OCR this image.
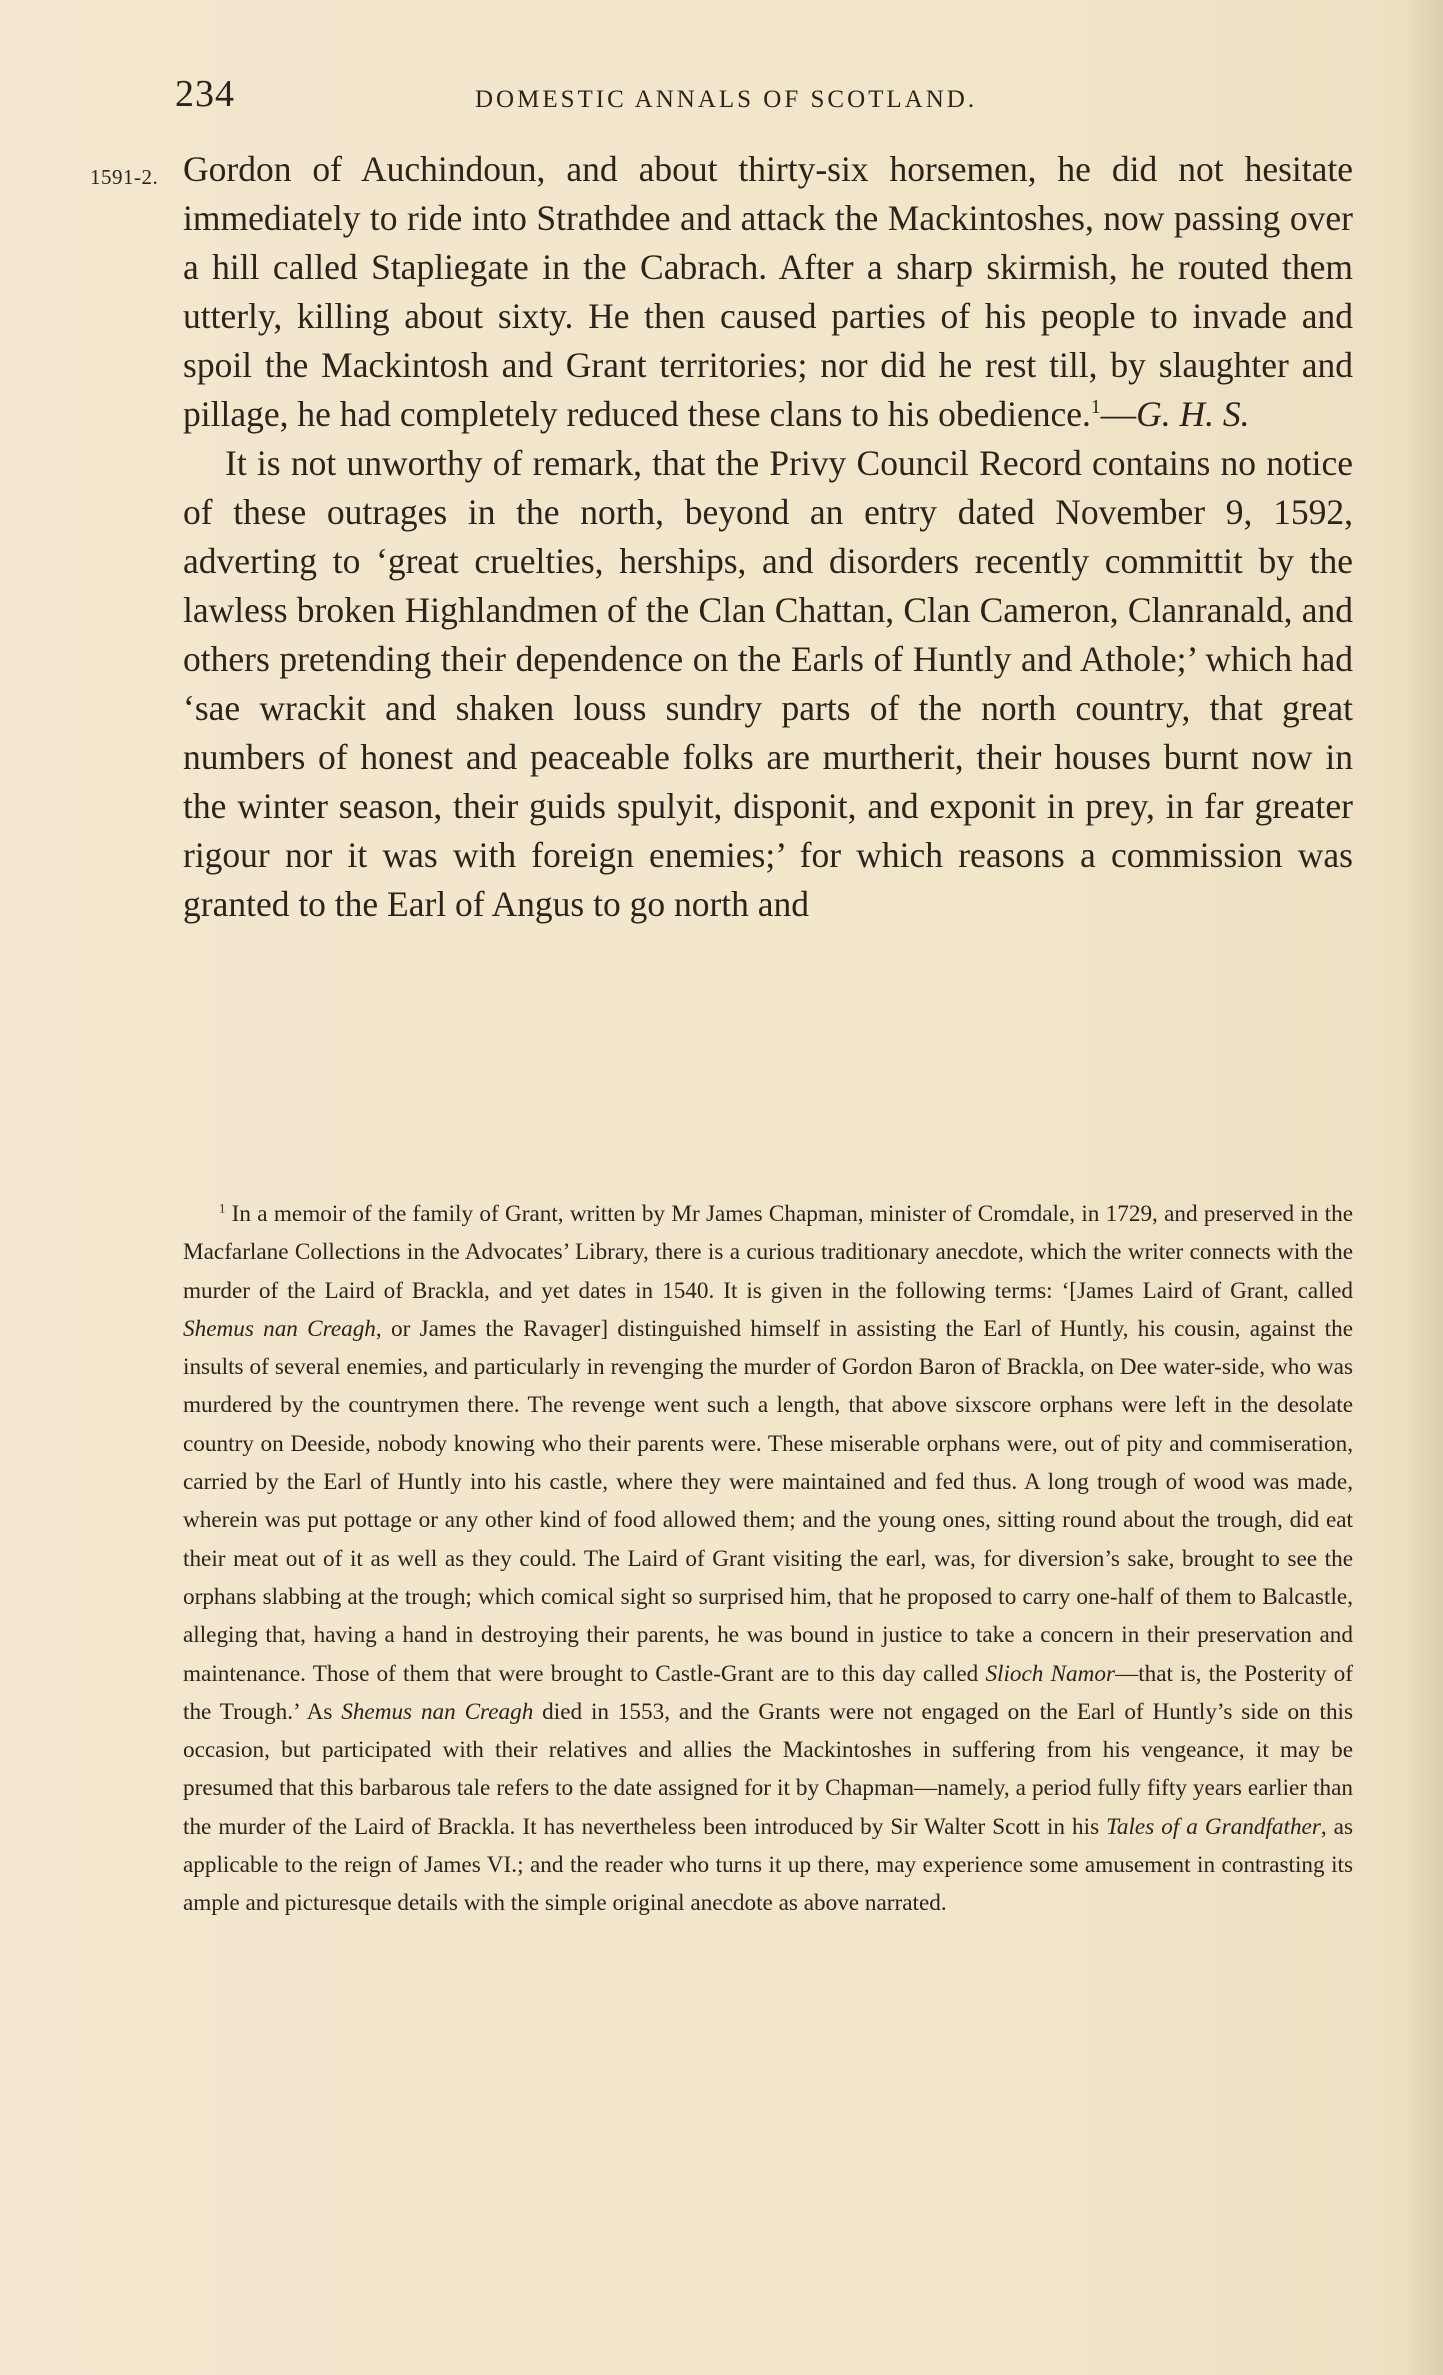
234	DOMESTIC ANNALS OF SCOTLAND.
1591-2. Gordon of Auchindoun, and about thirty-six horsemen, he did not hesitate immediately to ride into Strathdee and attack the Mackintoshes, now passing over a hill called Stapliegate in the Cabrach. After a sharp skirmish, he routed them utterly, killing about sixty. He then caused parties of his people to invade and spoil the Mackintosh and Grant territories; nor did he rest till, by slaughter and pillage, he had completely reduced these clans to his obedience.$^1$—G. H. S.

It is not unworthy of remark, that the Privy Council Record contains no notice of these outrages in the north, beyond an entry dated November 9, 1592, adverting to ‘great cruelties, herships, and disorders recently committit by the lawless broken Highlandmen of the Clan Chattan, Clan Cameron, Clanranald, and others pretending their dependence on the Earls of Huntly and Athole;’ which had ‘sae wrackit and shaken louss sundry parts of the north country, that great numbers of honest and peaceable folks are murtherit, their houses burnt now in the winter season, their guids spulyit, disponit, and exponit in prey, in far greater rigour nor it was with foreign enemies;’ for which reasons a commission was granted to the Earl of Angus to go north and

$^1$ In a memoir of the family of Grant, written by Mr James Chapman, minister of Cromdale, in 1729, and preserved in the Macfarlane Collections in the Advocates’ Library, there is a curious traditionary anecdote, which the writer connects with the murder of the Laird of Brackla, and yet dates in 1540. It is given in the following terms: ‘[James Laird of Grant, called Shemus nan Creagh, or James the Ravager] distinguished himself in assisting the Earl of Huntly, his cousin, against the insults of several enemies, and particularly in revenging the murder of Gordon Baron of Brackla, on Dee water-side, who was murdered by the countrymen there. The revenge went such a length, that above sixscore orphans were left in the desolate country on Deeside, nobody knowing who their parents were. These miserable orphans were, out of pity and commiseration, carried by the Earl of Huntly into his castle, where they were maintained and fed thus. A long trough of wood was made, wherein was put pottage or any other kind of food allowed them; and the young ones, sitting round about the trough, did eat their meat out of it as well as they could. The Laird of Grant visiting the earl, was, for diversion’s sake, brought to see the orphans slabbing at the trough; which comical sight so surprised him, that he proposed to carry one-half of them to Balcastle, alleging that, having a hand in destroying their parents, he was bound in justice to take a concern in their preservation and maintenance. Those of them that were brought to Castle-Grant are to this day called Slioch Namor—that is, the Posterity of the Trough.’ As Shemus nan Creagh died in 1553, and the Grants were not engaged on the Earl of Huntly’s side on this occasion, but participated with their relatives and allies the Mackintoshes in suffering from his vengeance, it may be presumed that this barbarous tale refers to the date assigned for it by Chapman—namely, a period fully fifty years earlier than the murder of the Laird of Brackla. It has nevertheless been introduced by Sir Walter Scott in his Tales of a Grandfather, as applicable to the reign of James VI.; and the reader who turns it up there, may experience some amusement in contrasting its ample and picturesque details with the simple original anecdote as above narrated.
